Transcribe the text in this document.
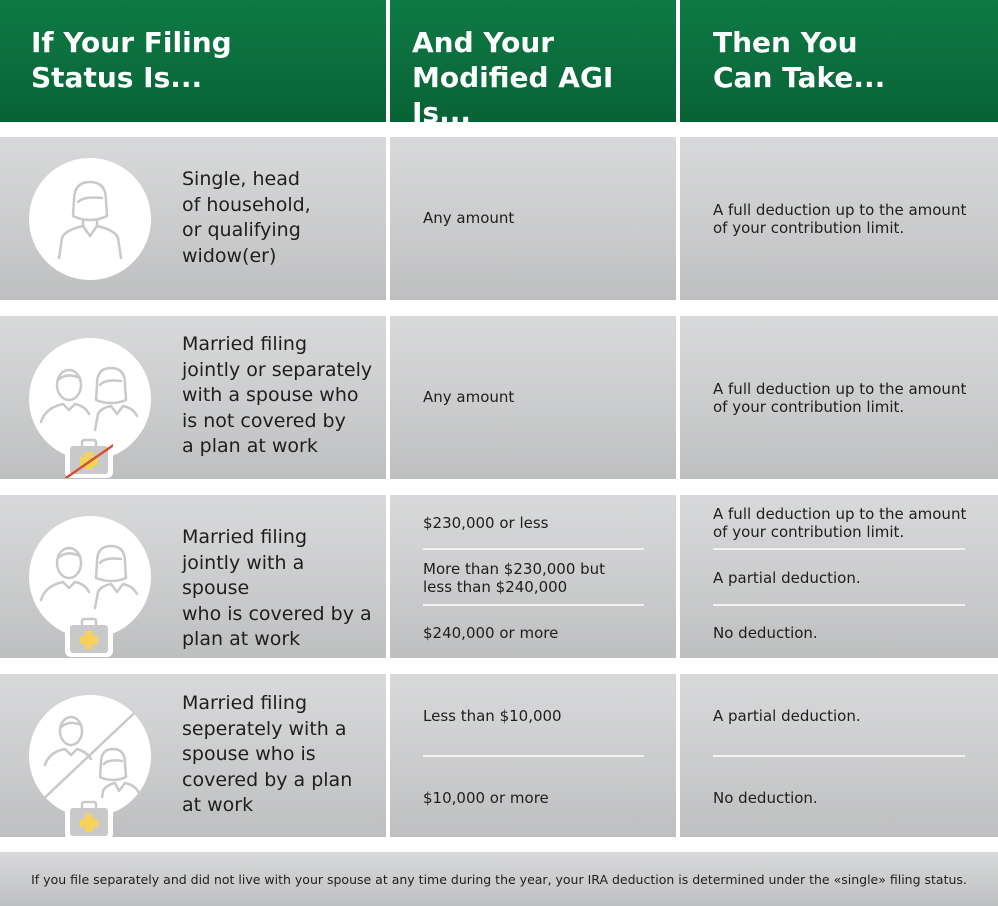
If Your Filing
Status Is...
And Your
Modified AGI Is...
Then You
Can Take...
Single, head
of household,
or qualifying
widow(er)
Any amount	A full deduction up to the amount of your contribution limit.
Married filing
jointly or separately
with a spouse who
is not covered by
a plan at work
Any amount	A full deduction up to the amount of your contribution limit.
Married filing
jointly with a spouse
who is covered by a
plan at work
$230,000 or less
More than $230,000 but less than $240,000
$240,000 or more
A full deduction up to the amount of your contribution limit.
A partial deduction.
No deduction.
Married filing
seperately with a
spouse who is
covered by a plan
at work
Less than $10,000
$10,000 or more
A partial deduction.
No deduction.
If you file separately and did not live with your spouse at any time during the year, your IRA deduction is determined under the «single» filing status.
